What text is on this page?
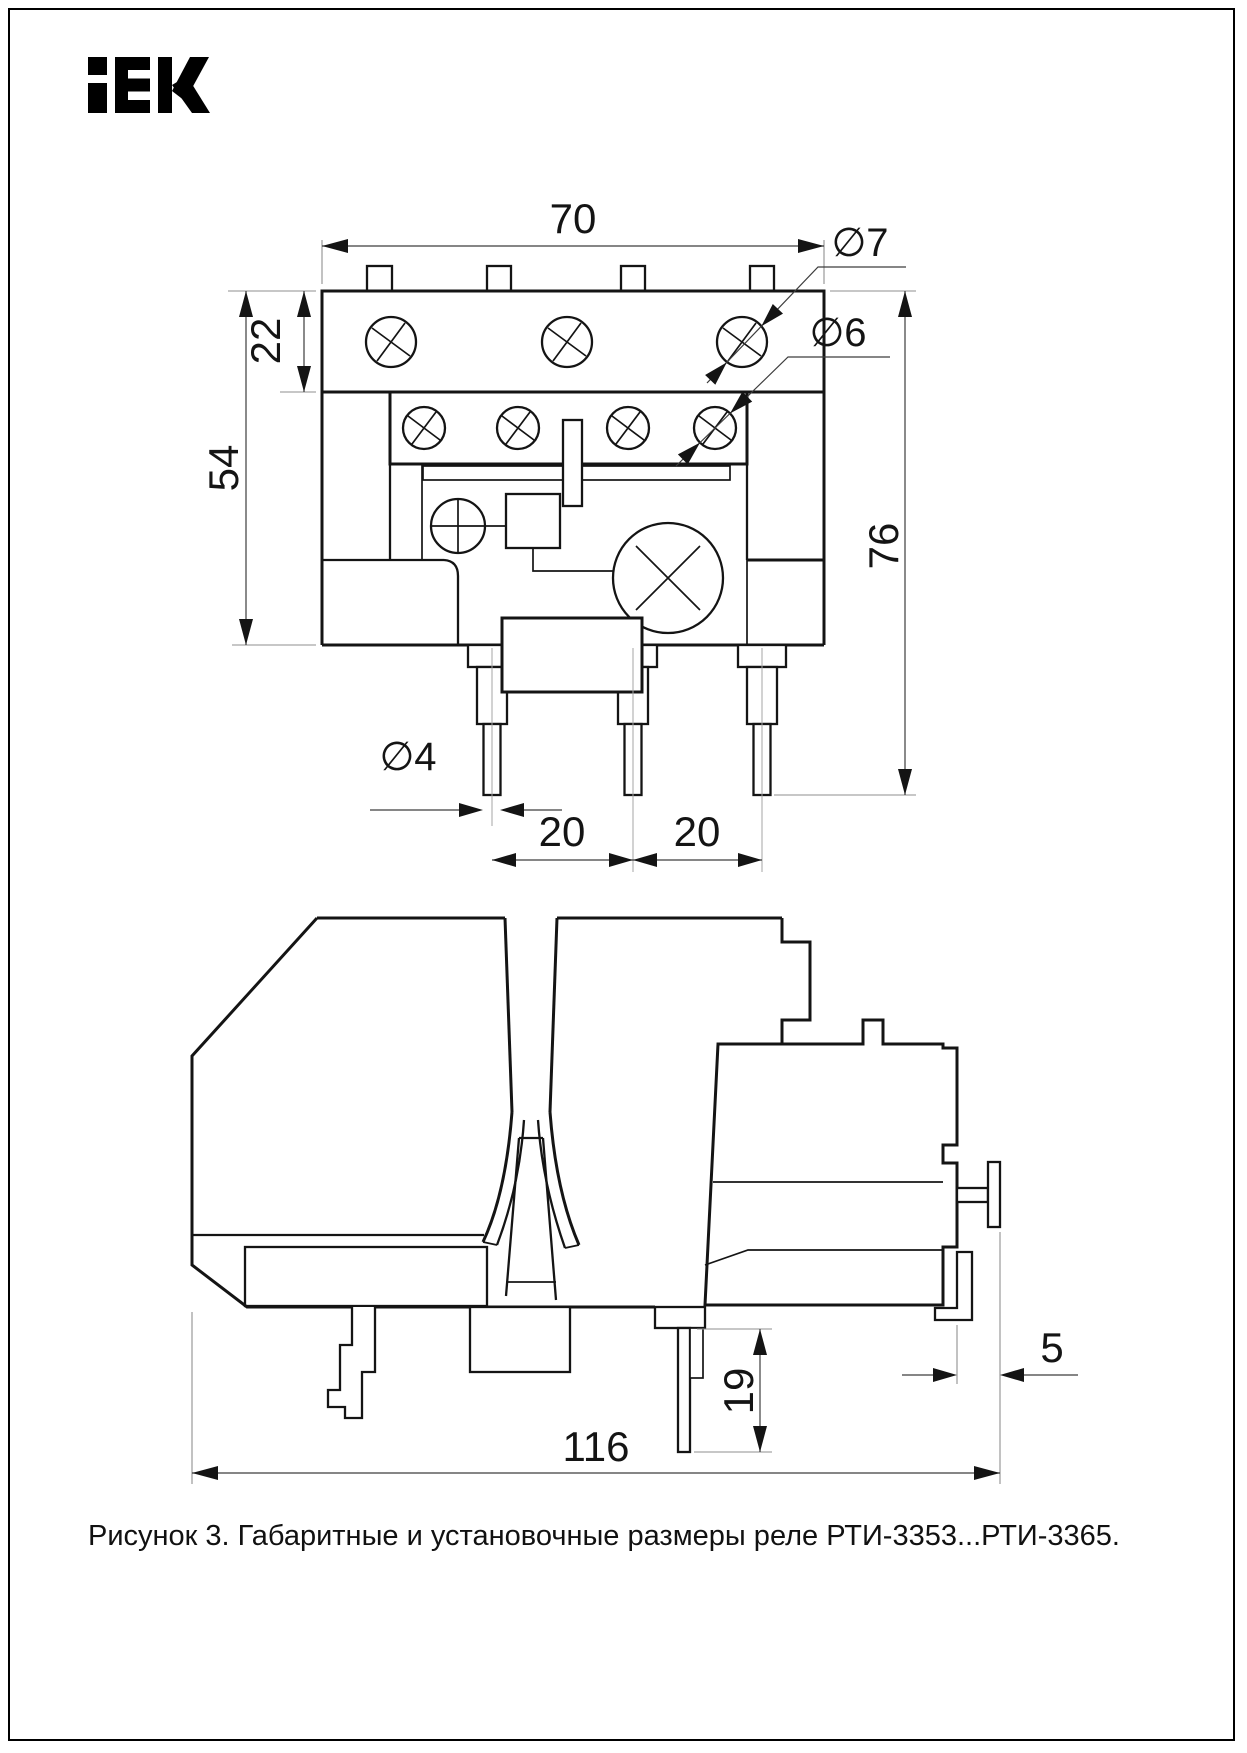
70
22
54
76
∅7
∅6
∅4
20 20
19
5
116
Рисунок 3. Габаритные и установочные размеры реле РТИ-3353...РТИ-3365.
